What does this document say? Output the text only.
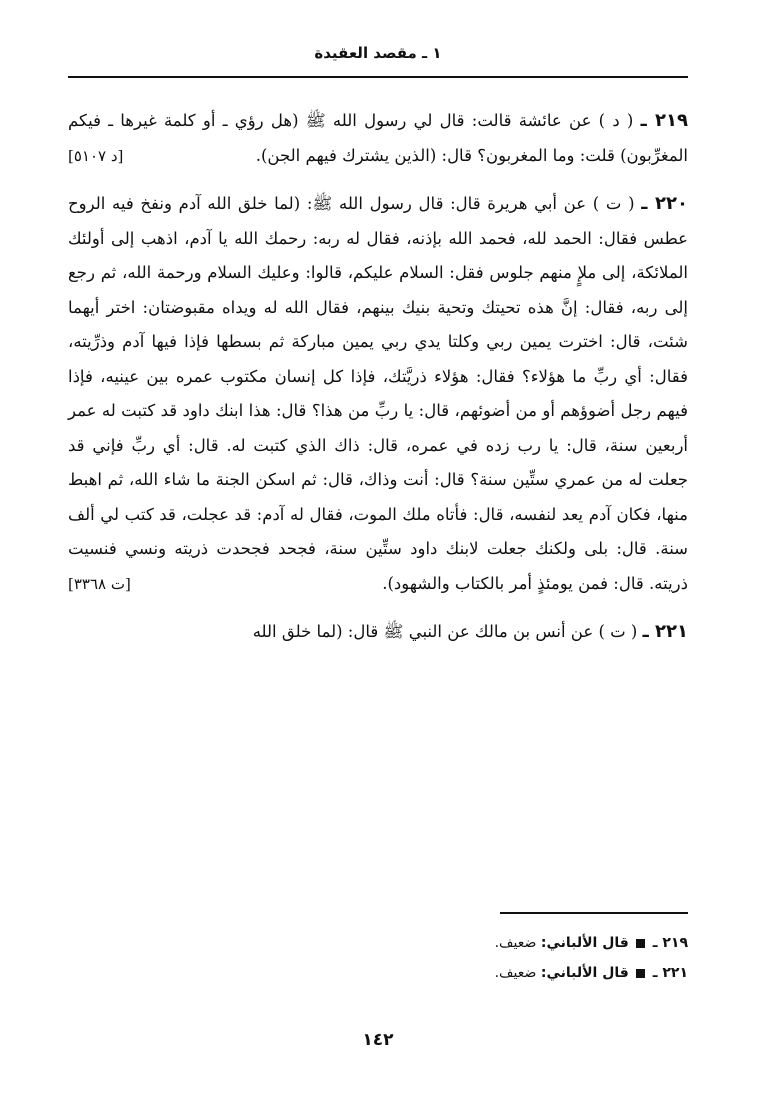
١ ـ مقصد العقيدة

٢١٩ ـ ( د ) عن عائشة قالت: قال لي رسول الله ﷺ (هل رؤي ـ أو كلمة غيرها ـ فيكم المغرِّبون) قلت: وما المغربون؟ قال: (الذين يشترك فيهم الجن).
[د ٥١٠٧]

٢٢٠ ـ ( ت ) عن أبي هريرة قال: قال رسول الله ﷺ: (لما خلق الله آدم ونفخ فيه الروح عطس فقال: الحمد لله، فحمد الله بإذنه، فقال له ربه: رحمك الله يا آدم، اذهب إلى أولئك الملائكة، إلى ملإٍ منهم جلوس فقل: السلام عليكم، قالوا: وعليك السلام ورحمة الله، ثم رجع إلى ربه، فقال: إنَّ هذه تحيتك وتحية بنيك بينهم، فقال الله له ويداه مقبوضتان: اختر أيهما شئت، قال: اخترت يمين ربي وكلتا يدي ربي يمين مباركة ثم بسطها فإذا فيها آدم وذرِّيته، فقال: أي ربِّ ما هؤلاء؟ فقال: هؤلاء ذريَّتك، فإذا كل إنسان مكتوب عمره بين عينيه، فإذا فيهم رجل أضوؤهم أو من أضوئهم، قال: يا ربِّ من هذا؟ قال: هذا ابنك داود قد كتبت له عمر أربعين سنة، قال: يا رب زده في عمره، قال: ذاك الذي كتبت له. قال: أي ربِّ فإني قد جعلت له من عمري ستِّين سنة؟ قال: أنت وذاك، قال: ثم اسكن الجنة ما شاء الله، ثم اهبط منها، فكان آدم يعد لنفسه، قال: فأتاه ملك الموت، فقال له آدم: قد عجلت، قد كتب لي ألف سنة. قال: بلى ولكنك جعلت لابنك داود ستِّين سنة، فجحد فجحدت ذريته ونسي فنسيت ذريته. قال: فمن يومئذٍ أمر بالكتاب والشهود).
[ت ٣٣٦٨]

٢٢١ ـ ( ت ) عن أنس بن مالك عن النبي ﷺ قال: (لما خلق الله

٢١٩ ـ  قال الألباني: ضعيف.

٢٢١ ـ  قال الألباني: ضعيف.

١٤٢
